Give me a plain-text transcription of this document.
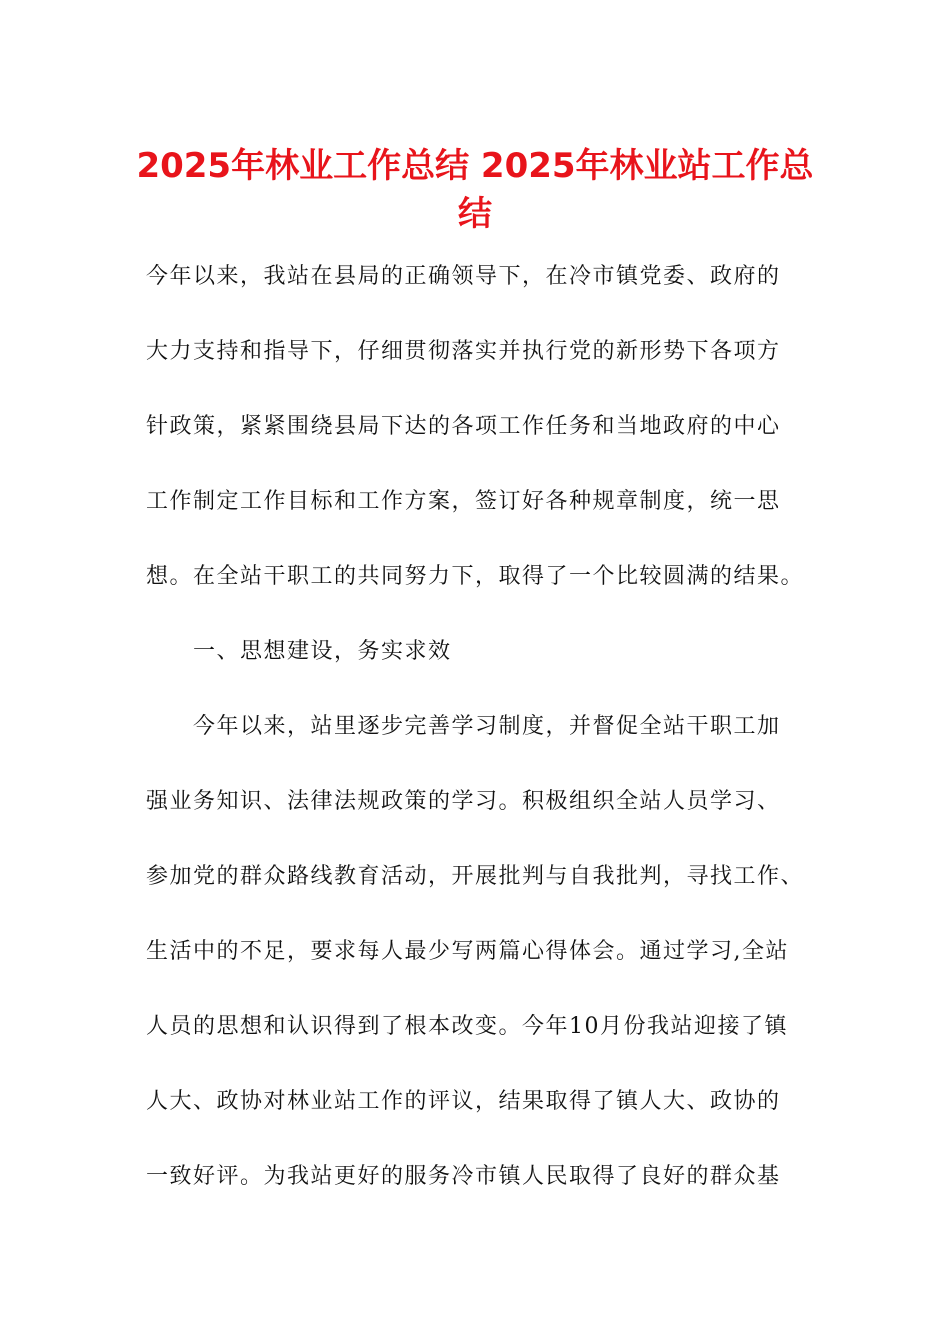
2025年林业工作总结 2025年林业站工作总
结
今年以来，我站在县局的正确领导下，在冷市镇党委、政府的
大力支持和指导下，仔细贯彻落实并执行党的新形势下各项方
针政策，紧紧围绕县局下达的各项工作任务和当地政府的中心
工作制定工作目标和工作方案，签订好各种规章制度，统一思
想。在全站干职工的共同努力下，取得了一个比较圆满的结果。
　　一、思想建设，务实求效
　　今年以来，站里逐步完善学习制度，并督促全站干职工加
强业务知识、法律法规政策的学习。积极组织全站人员学习、
参加党的群众路线教育活动，开展批判与自我批判，寻找工作、
生活中的不足，要求每人最少写两篇心得体会。通过学习,全站
人员的思想和认识得到了根本改变。今年10月份我站迎接了镇
人大、政协对林业站工作的评议，结果取得了镇人大、政协的
一致好评。为我站更好的服务冷市镇人民取得了良好的群众基
